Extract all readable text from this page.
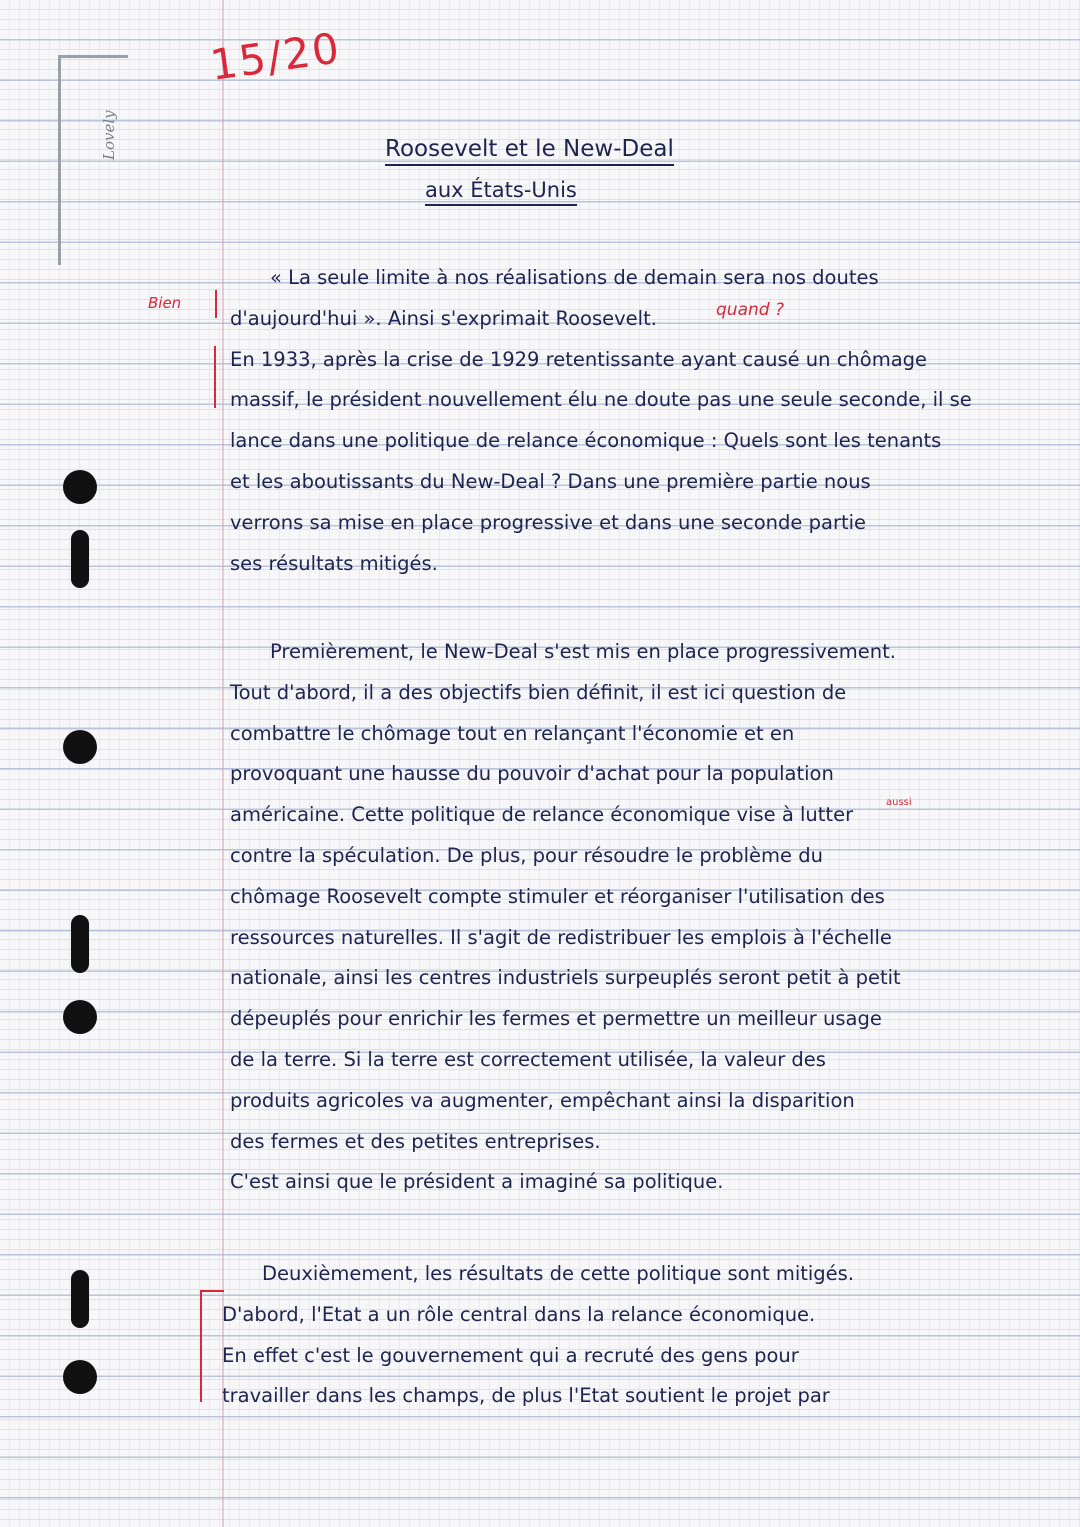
Lovely
15/20
Roosevelt et le New-Deal
aux États-Unis
Bien	quand ?
aussi
« La seule limite à nos réalisations de demain sera nos doutes
d'aujourd'hui ». Ainsi s'exprimait Roosevelt.
En 1933, après la crise de 1929 retentissante ayant causé un chômage
massif, le président nouvellement élu ne doute pas une seule seconde, il se
lance dans une politique de relance économique : Quels sont les tenants
et les aboutissants du New-Deal ? Dans une première partie nous
verrons sa mise en place progressive et dans une seconde partie
ses résultats mitigés.
Premièrement, le New-Deal s'est mis en place progressivement.
Tout d'abord, il a des objectifs bien définit, il est ici question de
combattre le chômage tout en relançant l'économie et en
provoquant une hausse du pouvoir d'achat pour la population
américaine. Cette politique de relance économique vise à lutter
contre la spéculation. De plus, pour résoudre le problème du
chômage Roosevelt compte stimuler et réorganiser l'utilisation des
ressources naturelles. Il s'agit de redistribuer les emplois à l'échelle
nationale, ainsi les centres industriels surpeuplés seront petit à petit
dépeuplés pour enrichir les fermes et permettre un meilleur usage
de la terre. Si la terre est correctement utilisée, la valeur des
produits agricoles va augmenter, empêchant ainsi la disparition
des fermes et des petites entreprises.
C'est ainsi que le président a imaginé sa politique.
Deuxièmement, les résultats de cette politique sont mitigés.
D'abord, l'Etat a un rôle central dans la relance économique.
En effet c'est le gouvernement qui a recruté des gens pour
travailler dans les champs, de plus l'Etat soutient le projet par
